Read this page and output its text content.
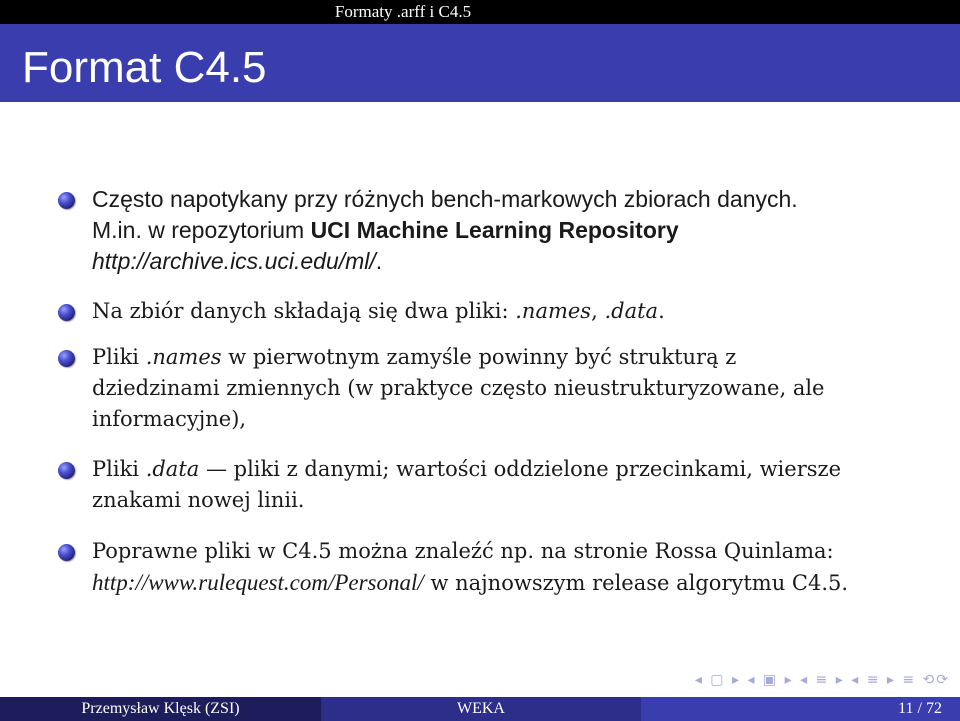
Formaty .arff i C4.5
Format C4.5
Często napotykany przy różnych bench-markowych zbiorach danych.
M.in. w repozytorium UCI Machine Learning Repository
http://archive.ics.uci.edu/ml/.
Na zbiór danych składają się dwa pliki: .names, .data.
Pliki .names w pierwotnym zamyśle powinny być strukturą z
dziedzinami zmiennych (w praktyce często nieustrukturyzowane, ale
informacyjne),
Pliki .data — pliki z danymi; wartości oddzielone przecinkami, wiersze
znakami nowej linii.
Poprawne pliki w C4.5 można znaleźć np. na stronie Rossa Quinlama:
http://www.rulequest.com/Personal/ w najnowszym release algorytmu C4.5.
◂ ▢ ▸ ◂ ▣ ▸ ◂ ≡ ▸ ◂ ≡ ▸ ≡ ⟲⟳
Przemysław Klęsk (ZSI)	WEKA	11 / 72
